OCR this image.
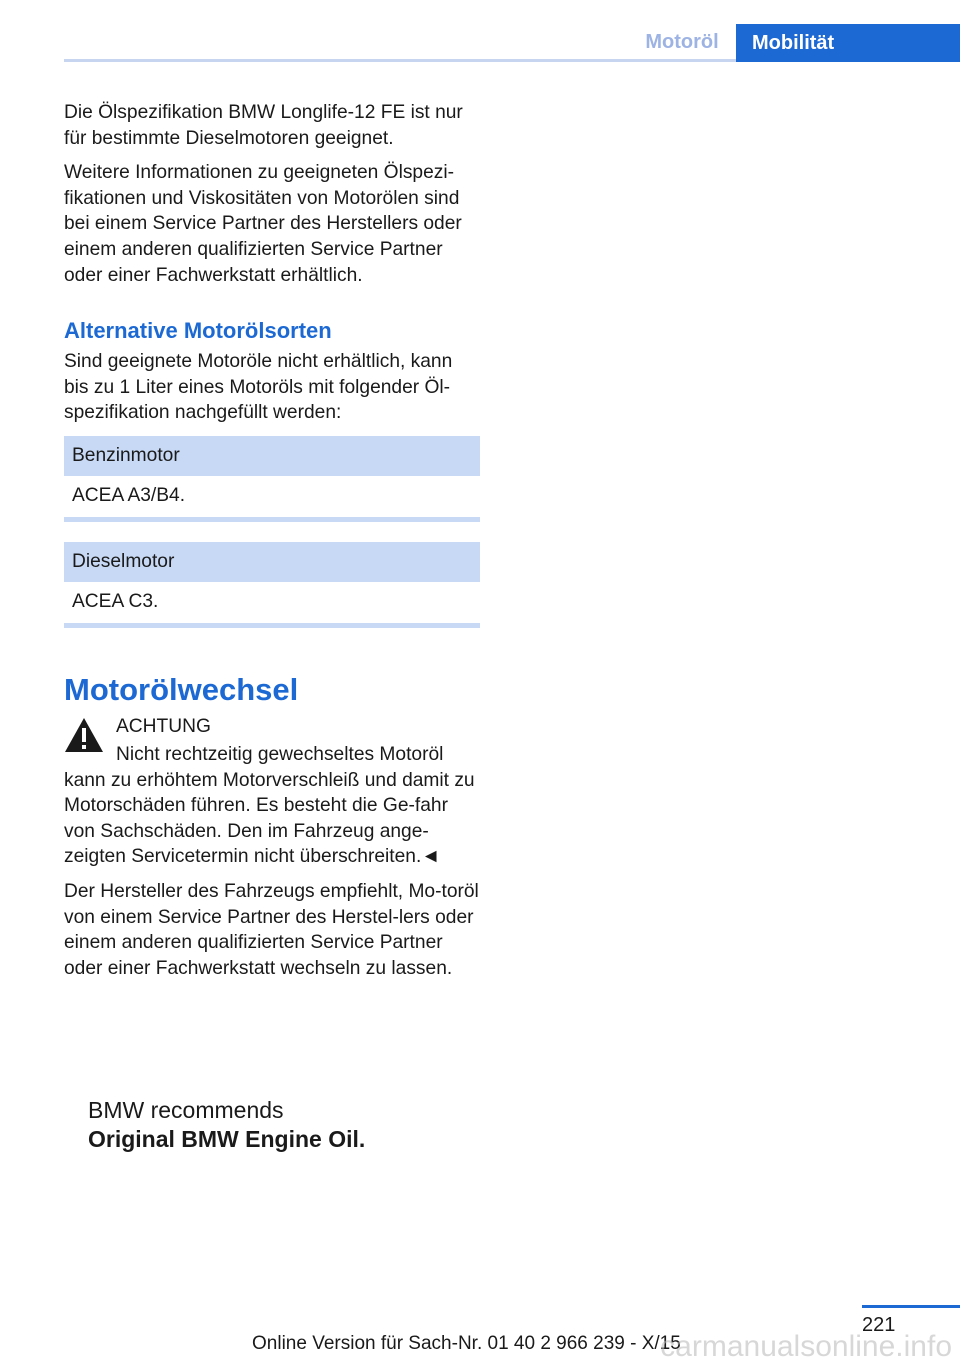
Motoröl	Mobilität

Die Ölspezifikation BMW Longlife-12 FE ist nur für bestimmte Dieselmotoren geeignet.

Weitere Informationen zu geeigneten Ölspezi-fikationen und Viskositäten von Motorölen sind bei einem Service Partner des Herstellers oder einem anderen qualifizierten Service Partner oder einer Fachwerkstatt erhältlich.

Alternative Motorölsorten

Sind geeignete Motoröle nicht erhältlich, kann bis zu 1 Liter eines Motoröls mit folgender Öl-spezifikation nachgefüllt werden:

Benzinmotor
ACEA A3/B4.
Dieselmotor
ACEA C3.
Motorölwechsel
ACHTUNG

Nicht rechtzeitig gewechseltes Motoröl kann zu erhöhtem Motorverschleiß und damit zu Motorschäden führen. Es besteht die Ge-fahr von Sachschäden. Den im Fahrzeug ange-zeigten Servicetermin nicht überschreiten.◄

Der Hersteller des Fahrzeugs empfiehlt, Mo-toröl von einem Service Partner des Herstel-lers oder einem anderen qualifizierten Service Partner oder einer Fachwerkstatt wechseln zu lassen.

BMW recommends
Original BMW Engine Oil.
221
Online Version für Sach-Nr. 01 40 2 966 239 - X/15
carmanualsonline.info
